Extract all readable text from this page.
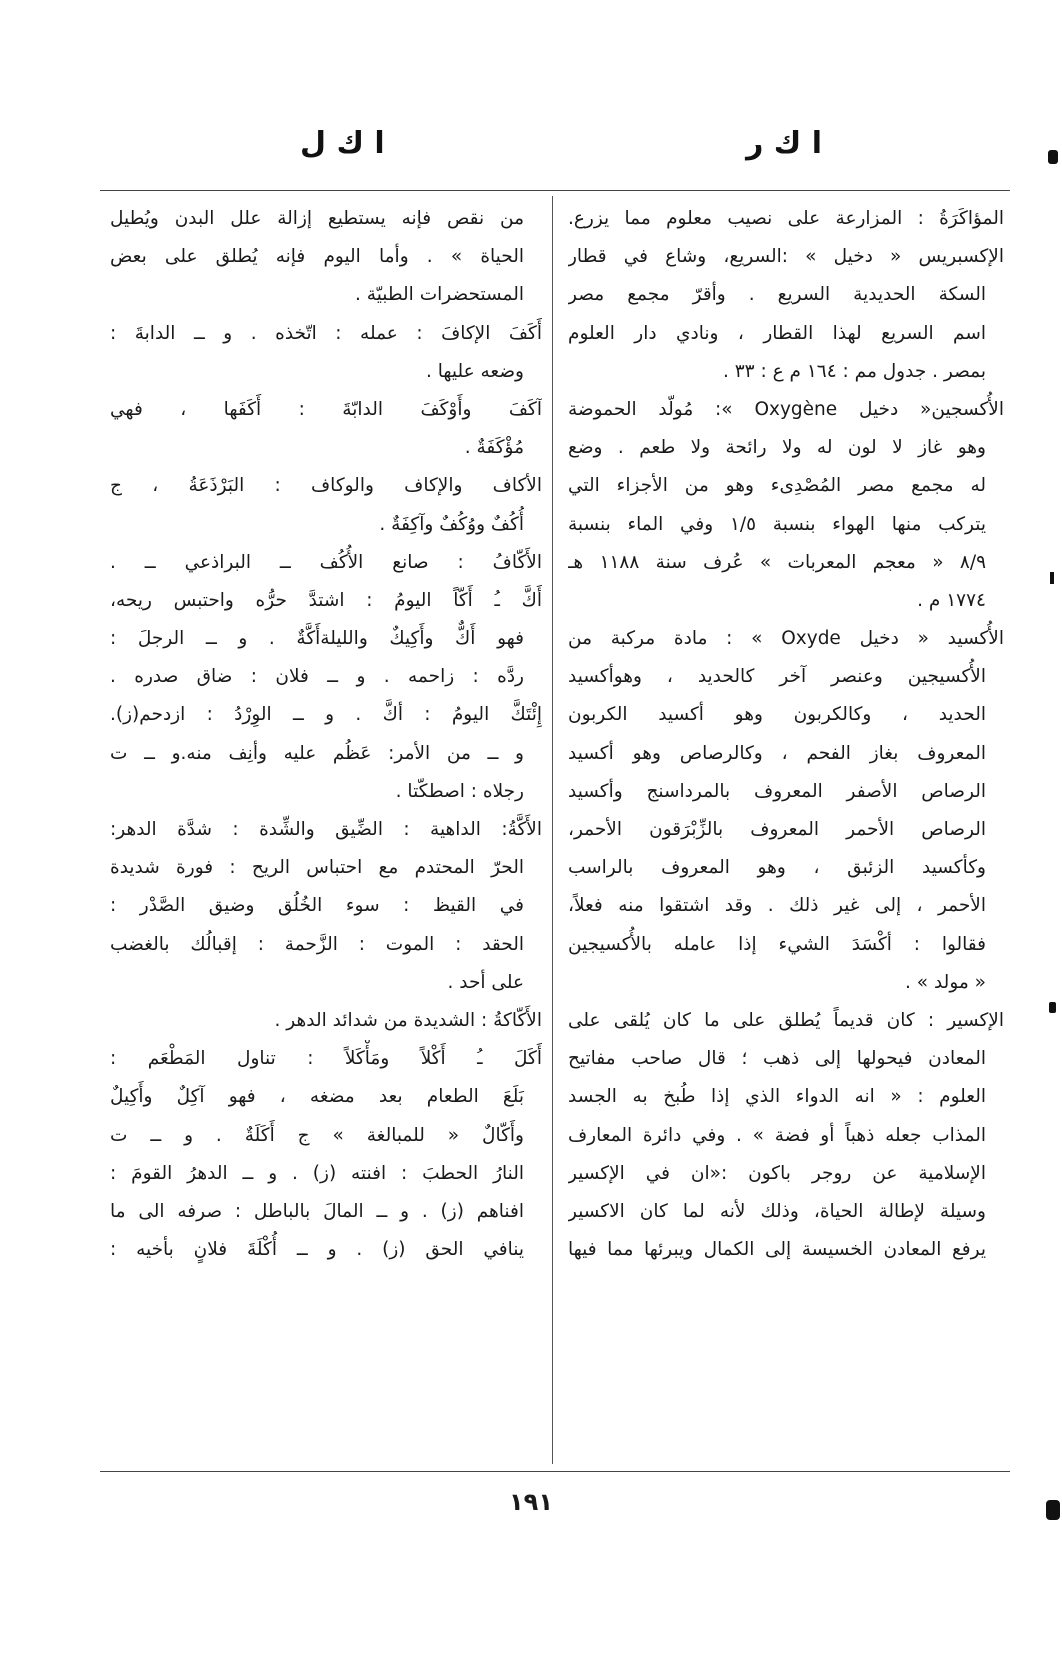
ا ك ر
ا ك ل
المؤاكَرَةُ : المزارعة على نصيب معلوم مما يزرع.
الإكسبريس « دخيل » :السريع، وشاع في قطار
السكة الحديدية السريع . وأقرّ مجمع مصر
اسم السريع لهذا القطار ، ونادي دار العلوم
بمصر . جدول مم : ١٦٤ م ع : ٣٣ .
الأُكسجين« دخيل Oxygène »: مُولّد الحموضة
وهو غاز لا لون له ولا رائحة ولا طعم . وضع
له مجمع مصر المُصْدِىء وهو من الأجزاء التي
يتركب منها الهواء بنسبة ١/٥ وفي الماء بنسبة
٨/٩ « معجم المعربات » عُرف سنة ١١٨٨ هـ
١٧٧٤ م .
الأُكسيد « دخيل Oxyde » : مادة مركبة من
الأُكسيجين وعنصر آخر كالحديد ، وهوأكسيد
الحديد ، وكالكربون وهو أكسيد الكربون
المعروف بغاز الفحم ، وكالرصاص وهو أكسيد
الرصاص الأصفر المعروف بالمرداسنج وأكسيد
الرصاص الأحمر المعروف بالزِّبْرَقون الأحمر،
وكأكسيد الزئبق ، وهو المعروف بالراسب
الأحمر ، إلى غير ذلك . وقد اشتقوا منه فعلاً،
فقالوا : أكْسَدَ الشيء إذا عامله بالأُكسيجين
« مولد » .
الإكسير : كان قديماً يُطلق على ما كان يُلقى على
المعادن فيحولها إلى ذهب ؛ قال صاحب مفاتيح
العلوم : « انه الدواء الذي إذا طُبخ به الجسد
المذاب جعله ذهباً أو فضة » . وفي دائرة المعارف
الإسلامية عن روجر باكون :«ان في الإكسير
وسيلة لإطالة الحياة، وذلك لأنه لما كان الاكسير
يرفع المعادن الخسيسة إلى الكمال ويبرئها مما فيها
من نقص فإنه يستطيع إزالة علل البدن ويُطيل
الحياة » . وأما اليوم فإنه يُطلق على بعض
المستحضرات الطبيّة .
أَكَفَ الإكافَ : عمله : اتّخذه . و ــ الدابةَ :
وضعه عليها .
آكَفَ وأَوْكَفَ الدابّةَ : أَكَفَها ، فهي
مُؤْكَفَةٌ .
الأكاف والإكاف والوكاف : البَرْذَعَةُ ، ج
أُكُفٌ ووُكُفٌ وآكِفَةٌ .
الأَكّافُ : صانع الأُكُف ــ البراذعي ــ .
أَكَّ ـُ أَكّاً اليومُ : اشتدَّ حرُّه واحتبس ريحه،
فهو أَكٌّ وأَكِيكٌ والليلةأَكَّةٌ . و ــ الرجلَ :
ردَّه : زاحمه . و ــ فلان : ضاق صدره .
إِئْتَكَّ اليومُ : أكَّ . و ــ الوِرْدُ : ازدحم(ز).
و ــ من الأمر: عَظُم عليه وأنِف منه.و ــ ت
رجلاه : اصطكّتا .
الأَكَّةُ: الداهية : الضِّيق والشِّدة : شدَّة الدهر:
الحرّ المحتدم مع احتباس الريح : فورة شديدة
في القيظ : سوء الخُلُق وضيق الصَّدْر :
الحقد : الموت : الزَّحمة : إقبالُك بالغضب
على أحد .
الأَكّاكةُ : الشديدة من شدائد الدهر .
أَكَلَ ـُ أَكْلاً ومَأْكَلاً : تناول المَطْعَم :
بَلَعَ الطعام بعد مضغه ، فهو آكِلٌ وأَكِيلٌ
وأَكّالٌ « للمبالغة » ج أَكَلَةٌ . و ــ ت
النارُ الحطبَ : افنته (ز) . و ــ الدهرُ القومَ :
افناهم (ز) . و ــ المالَ بالباطل : صرفه الى ما
ينافي الحق (ز) . و ــ أُكْلَةَ فلانٍ بأخيه :
١٩١
